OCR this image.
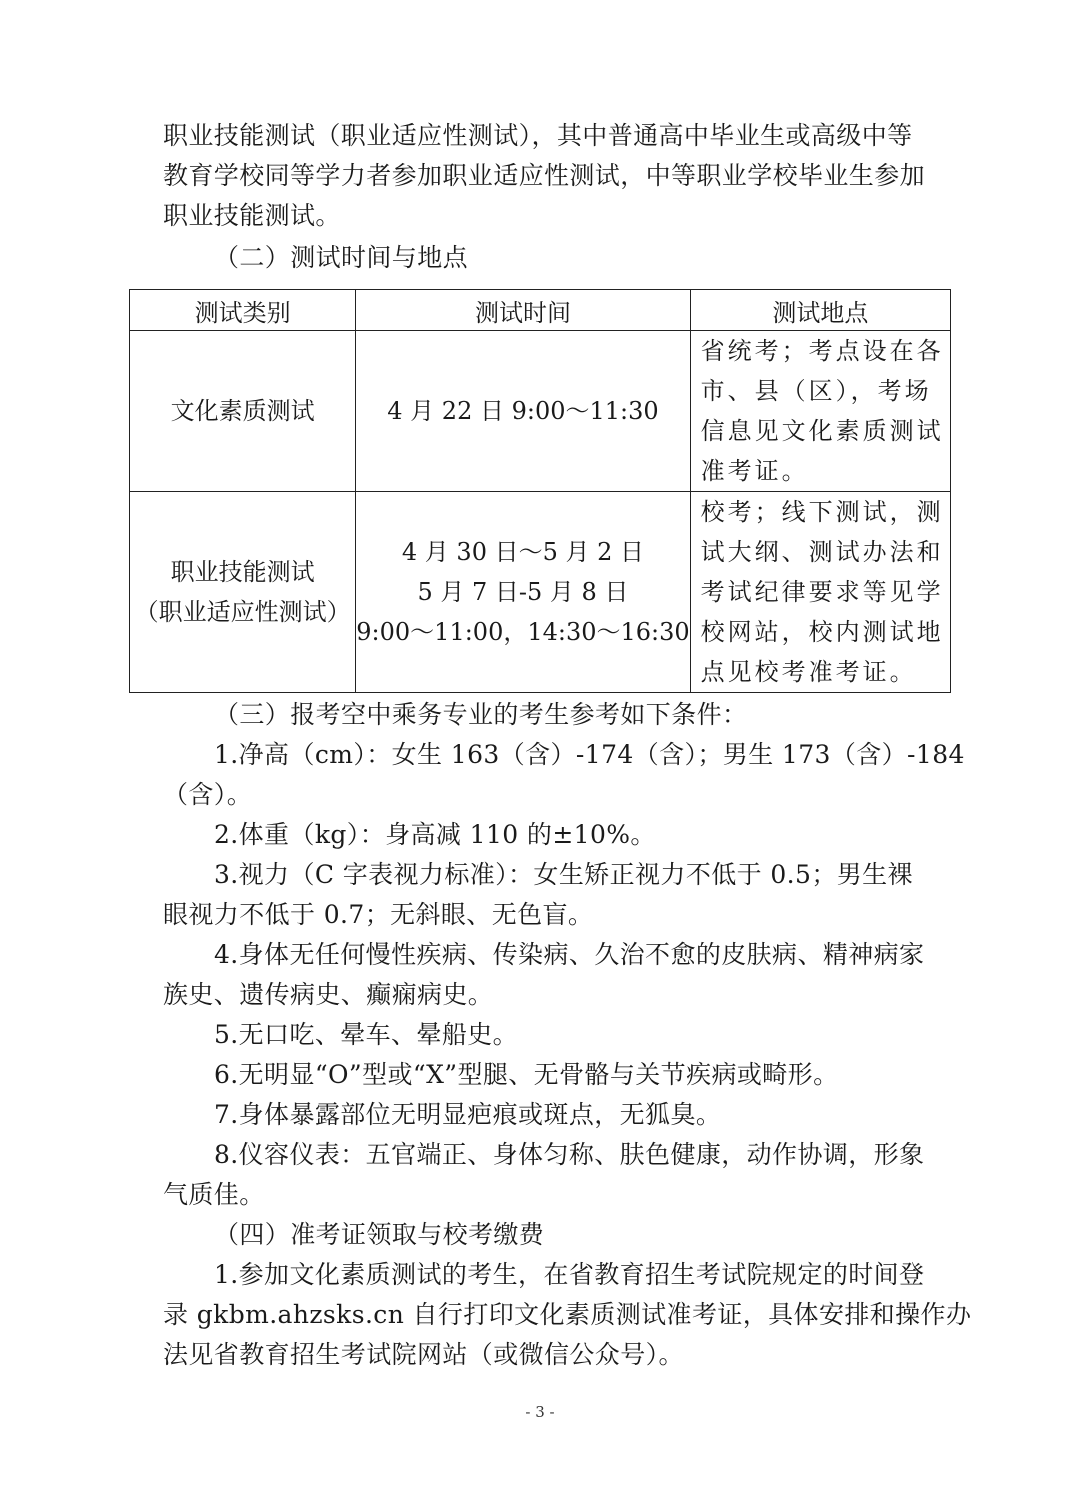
职业技能测试（职业适应性测试），其中普通高中毕业生或高级中等
教育学校同等学力者参加职业适应性测试，中等职业学校毕业生参加
职业技能测试。
（二）测试时间与地点
测试类别	测试时间	测试地点

文化素质测试	4 月 22 日 9:00～11:30	省统考；考点设在各
市、县（区），考场
信息见文化素质测试
准考证。

职业技能测试
（职业适应性测试）	4 月 30 日～5 月 2 日
5 月 7 日-5 月 8 日
9:00～11:00，14:30～16:30	校考；线下测试，测
试大纲、测试办法和
考试纪律要求等见学
校网站，校内测试地
点见校考准考证。
（三）报考空中乘务专业的考生参考如下条件：
1.净高（cm）：女生 163（含）-174（含）；男生 173（含）-184
（含）。
2.体重（kg）：身高减 110 的±10%。
3.视力（C 字表视力标准）：女生矫正视力不低于 0.5；男生裸
眼视力不低于 0.7；无斜眼、无色盲。
4.身体无任何慢性疾病、传染病、久治不愈的皮肤病、精神病家
族史、遗传病史、癫痫病史。
5.无口吃、晕车、晕船史。
6.无明显“O”型或“X”型腿、无骨骼与关节疾病或畸形。
7.身体暴露部位无明显疤痕或斑点，无狐臭。
8.仪容仪表：五官端正、身体匀称、肤色健康，动作协调，形象
气质佳。
（四）准考证领取与校考缴费
1.参加文化素质测试的考生，在省教育招生考试院规定的时间登
录 gkbm.ahzsks.cn 自行打印文化素质测试准考证，具体安排和操作办
法见省教育招生考试院网站（或微信公众号）。
- 3 -
